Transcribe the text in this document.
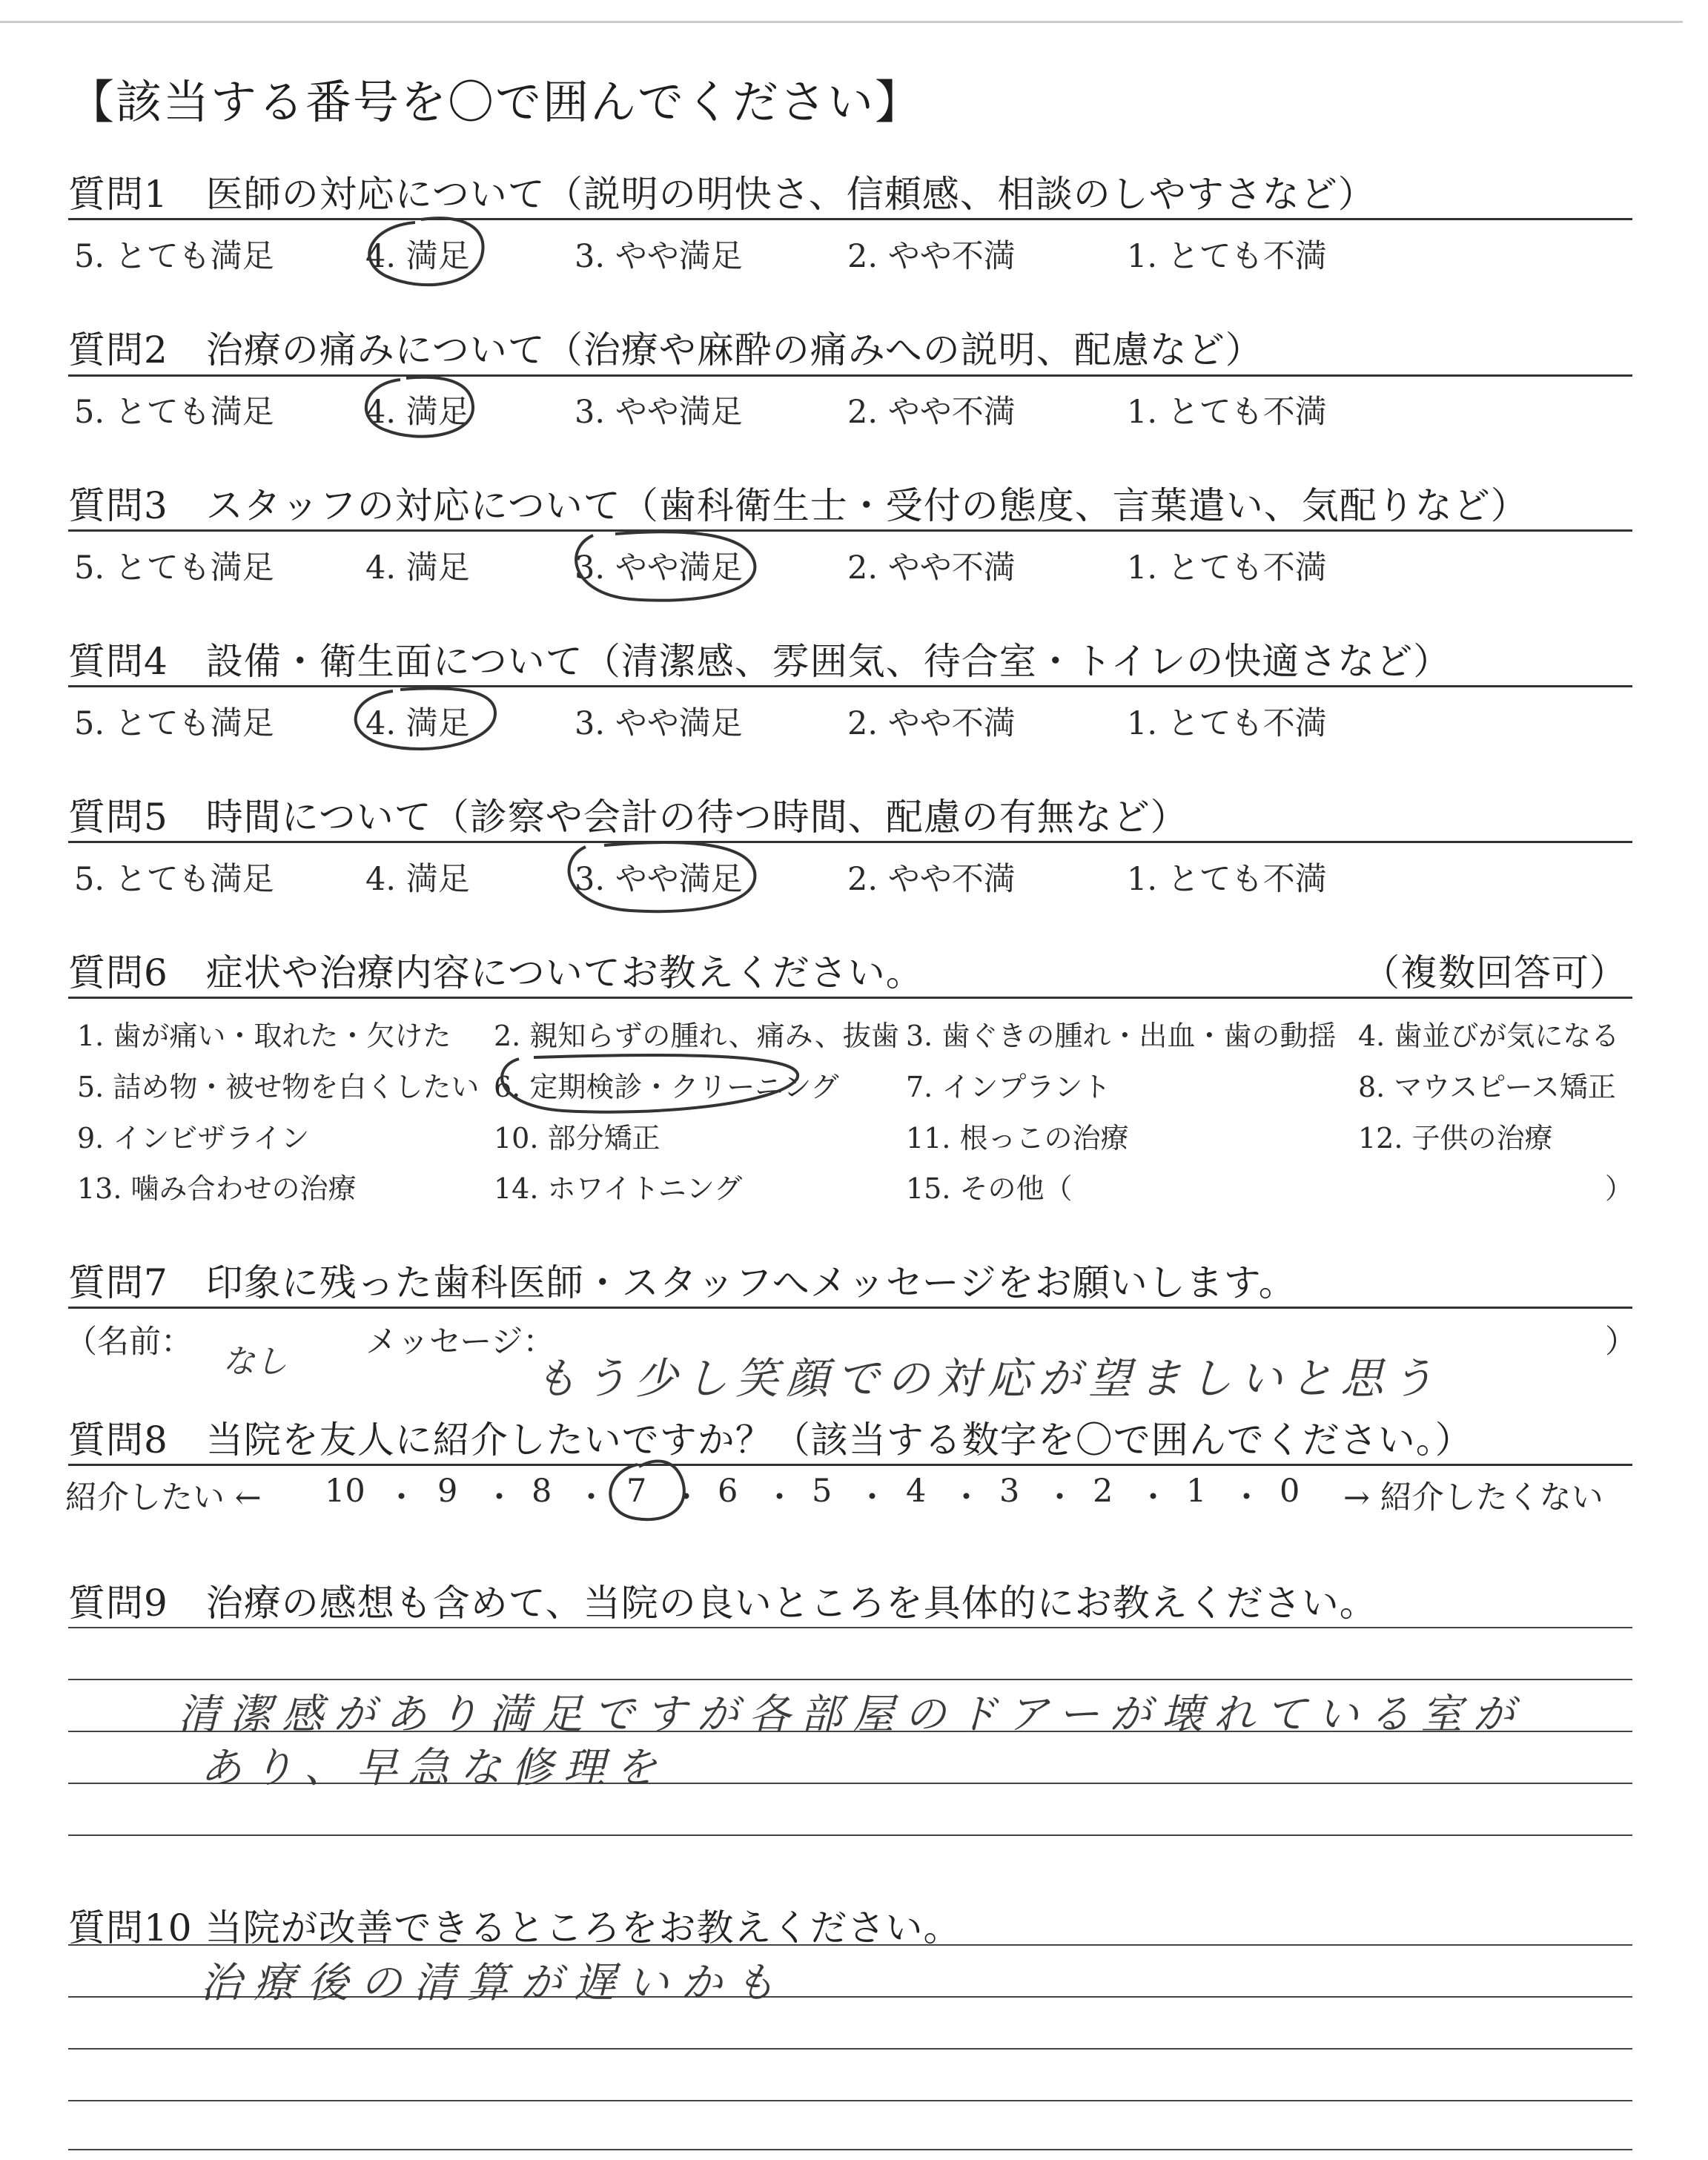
【該当する番号を〇で囲んでください】
質問1　医師の対応について（説明の明快さ、信頼感、相談のしやすさなど）
5. とても満足	4. 満足	3. やや満足	2. やや不満	1. とても不満
質問2　治療の痛みについて（治療や麻酔の痛みへの説明、配慮など）
5. とても満足	4. 満足	3. やや満足	2. やや不満	1. とても不満
質問3　スタッフの対応について（歯科衛生士・受付の態度、言葉遣い、気配りなど）
5. とても満足	4. 満足	3. やや満足	2. やや不満	1. とても不満
質問4　設備・衛生面について（清潔感、雰囲気、待合室・トイレの快適さなど）
5. とても満足	4. 満足	3. やや満足	2. やや不満	1. とても不満
質問5　時間について（診察や会計の待つ時間、配慮の有無など）
5. とても満足	4. 満足	3. やや満足	2. やや不満	1. とても不満
質問6　症状や治療内容についてお教えください。	（複数回答可）
1. 歯が痛い・取れた・欠けた 2. 親知らずの腫れ、痛み、抜歯 3. 歯ぐきの腫れ・出血・歯の動揺 4. 歯並びが気になる
5. 詰め物・被せ物を白くしたい 6. 定期検診・クリーニング 7. インプラント	8. マウスピース矯正
9. インビザライン	10. 部分矯正	11. 根っこの治療	12. 子供の治療
13. 噛み合わせの治療	14. ホワイトニング	15. その他（	）
質問7　印象に残った歯科医師・スタッフへメッセージをお願いします。
（名前：
なし
メッセージ：	）
もう少し笑顔での対応が望ましいと思う
質問8　当院を友人に紹介したいですか？（該当する数字を〇で囲んでください。）
紹介したい ←	→ 紹介したくない
10 ・ 9 ・ 8 ・ 7 ・ 6 ・ 5 ・ 4 ・ 3 ・ 2 ・ 1 ・ 0
質問9　治療の感想も含めて、当院の良いところを具体的にお教えください。
清潔感があり満足ですが各部屋のドアーが壊れている室が
あり、早急な修理を
質問10 当院が改善できるところをお教えください。
治療後の清算が遅いかも
